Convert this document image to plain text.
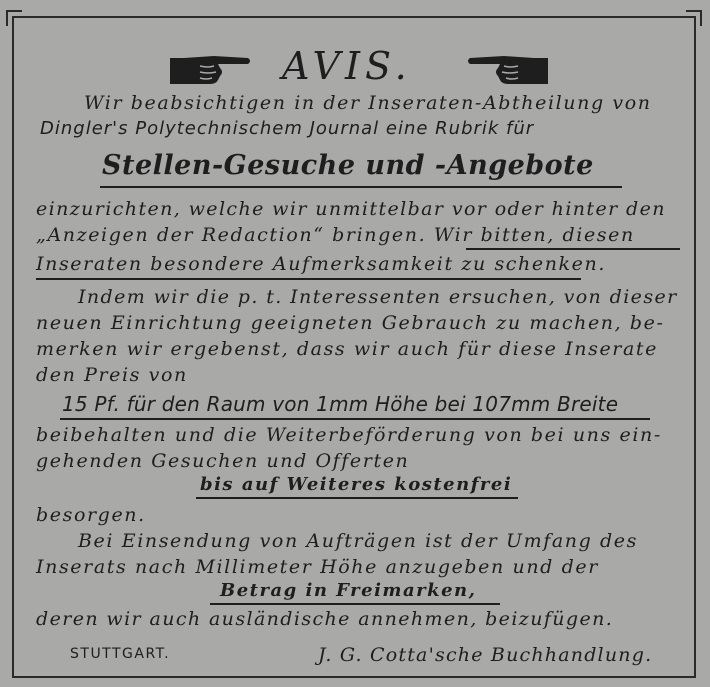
AVIS.
Wir beabsichtigen in der Inseraten-Abtheilung von
Dingler's Polytechnischem Journal eine Rubrik für
Stellen-Gesuche und -Angebote
einzurichten, welche wir unmittelbar vor oder hinter den
„Anzeigen der Redaction“ bringen. Wir bitten, diesen
Inseraten besondere Aufmerksamkeit zu schenken.
Indem wir die p. t. Interessenten ersuchen, von dieser
neuen Einrichtung geeigneten Gebrauch zu machen, be-
merken wir ergebenst, dass wir auch für diese Inserate
den Preis von
15 Pf. für den Raum von 1mm Höhe bei 107mm Breite
beibehalten und die Weiterbeförderung von bei uns ein-
gehenden Gesuchen und Offerten
bis auf Weiteres kostenfrei
besorgen.
Bei Einsendung von Aufträgen ist der Umfang des
Inserats nach Millimeter Höhe anzugeben und der
Betrag in Freimarken,
deren wir auch ausländische annehmen, beizufügen.
STUTTGART.	J. G. Cotta'sche Buchhandlung.
